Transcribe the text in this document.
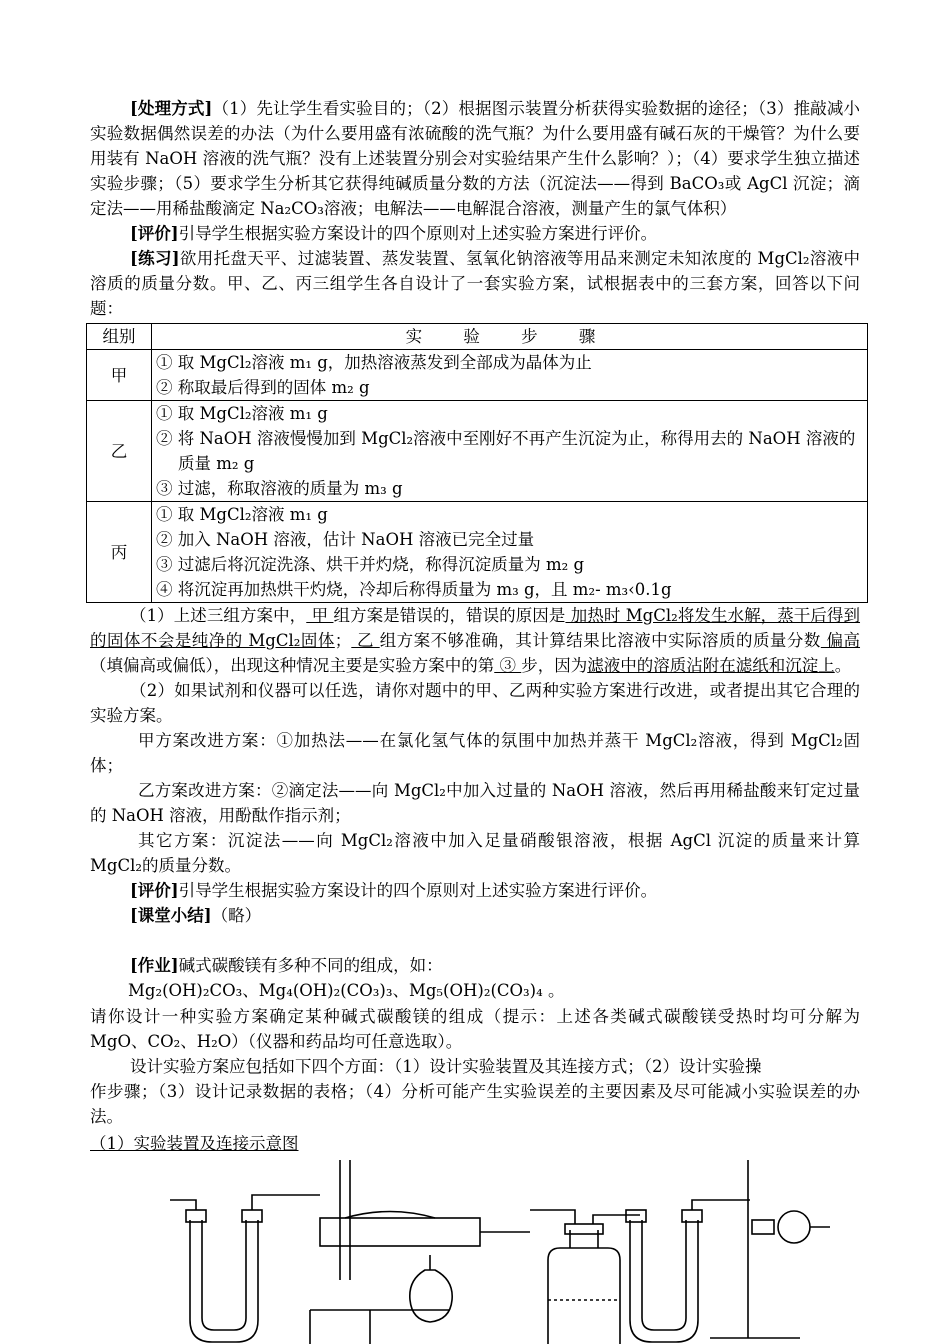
[处理方式]（1）先让学生看实验目的；（2）根据图示装置分析获得实验数据的途径；（3）推敲减小实验数据偶然误差的办法（为什么要用盛有浓硫酸的洗气瓶？为什么要用盛有碱石灰的干燥管？为什么要用装有 NaOH 溶液的洗气瓶？没有上述装置分别会对实验结果产生什么影响？）；（4）要求学生独立描述实验步骤；（5）要求学生分析其它获得纯碱质量分数的方法（沉淀法——得到 BaCO₃或 AgCl 沉淀；滴定法——用稀盐酸滴定 Na₂CO₃溶液；电解法——电解混合溶液，测量产生的氯气体积）

[评价]引导学生根据实验方案设计的四个原则对上述实验方案进行评价。

[练习]欲用托盘天平、过滤装置、蒸发装置、氢氧化钠溶液等用品来测定未知浓度的 MgCl₂溶液中溶质的质量分数。甲、乙、丙三组学生各自设计了一套实验方案，试根据表中的三套方案，回答以下问题：

组别	实 验 步 骤
甲	① 取 MgCl₂溶液 m₁ g，加热溶液蒸发到全部成为晶体为止
② 称取最后得到的固体 m₂ g

乙	① 取 MgCl₂溶液 m₁ g
② 将 NaOH 溶液慢慢加到 MgCl₂溶液中至刚好不再产生沉淀为止，称得用去的 NaOH 溶液的质量 m₂ g
③ 过滤，称取溶液的质量为 m₃ g

丙	① 取 MgCl₂溶液 m₁ g
② 加入 NaOH 溶液，估计 NaOH 溶液已完全过量
③ 过滤后将沉淀洗涤、烘干并灼烧，称得沉淀质量为 m₂ g
④ 将沉淀再加热烘干灼烧，冷却后称得质量为 m₃ g，且 m₂- m₃‹0.1g

（1）上述三组方案中， 甲 组方案是错误的，错误的原因是 加热时 MgCl₂将发生水解，蒸干后得到的固体不会是纯净的 MgCl₂固体； 乙 组方案不够准确，其计算结果比溶液中实际溶质的质量分数 偏高（填偏高或偏低），出现这种情况主要是实验方案中的第 ③ 步，因为滤液中的溶质沾附在滤纸和沉淀上。

（2）如果试剂和仪器可以任选，请你对题中的甲、乙两种实验方案进行改进，或者提出其它合理的实验方案。

甲方案改进方案：①加热法——在氯化氢气体的氛围中加热并蒸干 MgCl₂溶液，得到 MgCl₂固体；

乙方案改进方案：②滴定法——向 MgCl₂中加入过量的 NaOH 溶液，然后再用稀盐酸来钉定过量的 NaOH 溶液，用酚酞作指示剂；

其它方案：沉淀法——向 MgCl₂溶液中加入足量硝酸银溶液，根据 AgCl 沉淀的质量来计算 MgCl₂的质量分数。

[评价]引导学生根据实验方案设计的四个原则对上述实验方案进行评价。

[课堂小结]（略）

[作业]碱式碳酸镁有多种不同的组成，如：

Mg₂(OH)₂CO₃、Mg₄(OH)₂(CO₃)₃、Mg₅(OH)₂(CO₃)₄ 。

请你设计一种实验方案确定某种碱式碳酸镁的组成（提示：上述各类碱式碳酸镁受热时均可分解为 MgO、CO₂、H₂O）（仪器和药品均可任意选取）。

设计实验方案应包括如下四个方面：（1）设计实验装置及其连接方式；（2）设计实验操

作步骤；（3）设计记录数据的表格；（4）分析可能产生实验误差的主要因素及尽可能减小实验误差的办法。

（1）实验装置及连接示意图
